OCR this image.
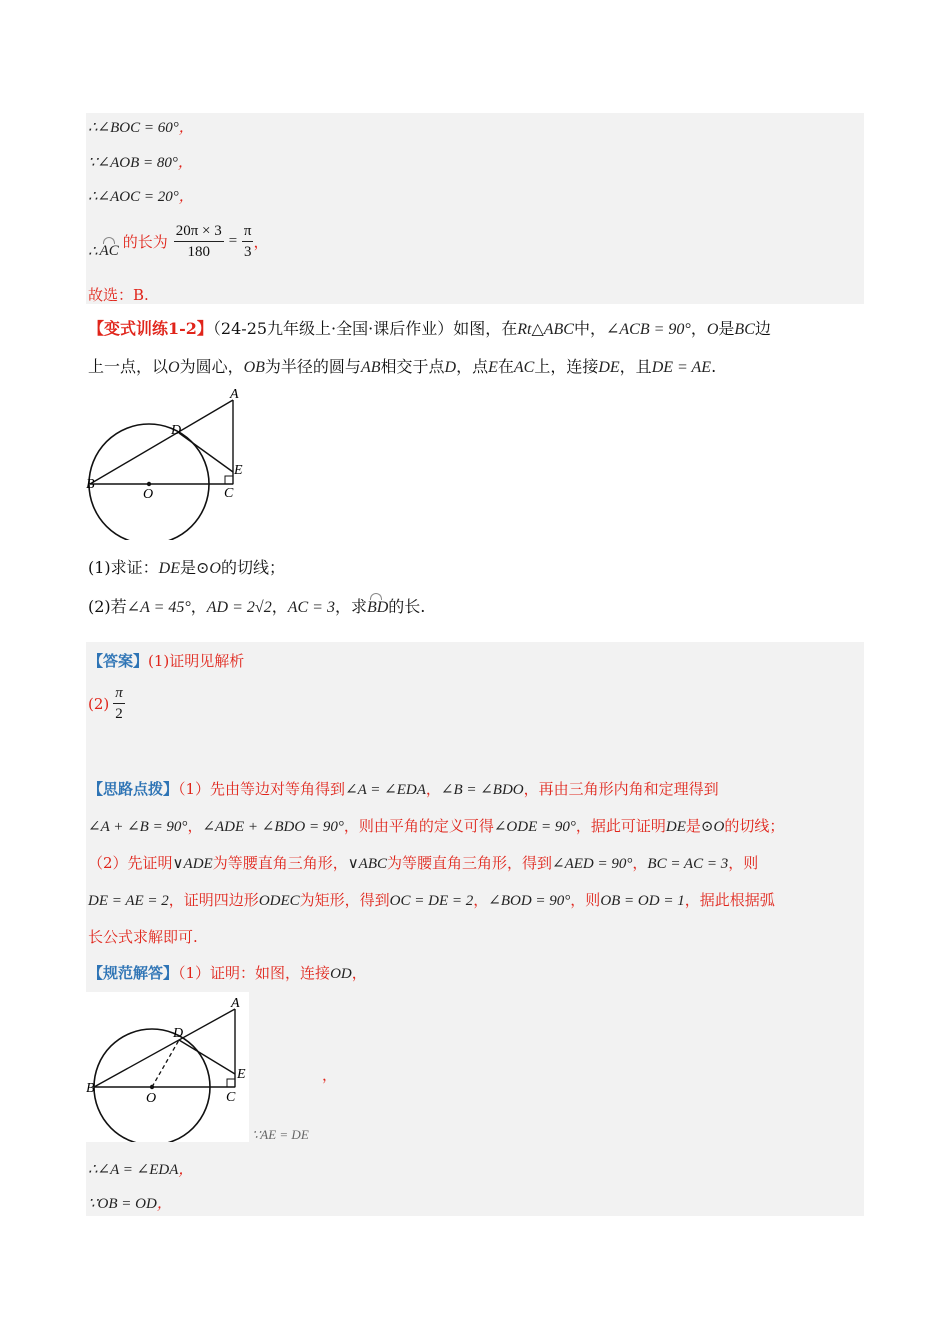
∴∠BOC = 60°，
∵∠AOB = 80°，
∴∠AOC = 20°，
∴ AC 的长为 $\frac{20\pi \times 3}{180} = \frac{\pi}{3}$ ，
故选：B.
【变式训练1-2】（24-25九年级上·全国·课后作业）如图，在Rt△ABC中，∠ACB = 90°，O是BC边
上一点，以O为圆心，OB为半径的圆与AB相交于点D，点E在AC上，连接DE，且DE = AE.
A
B
C
D
E
O
(1)求证：DE是⊙O的切线；
(2)若∠A = 45°，AD = 2√2，AC = 3，求BD的长.
【答案】(1)证明见解析
$(2) \frac{\pi}{2}$
【思路点拨】（1）先由等边对等角得到∠A = ∠EDA，∠B = ∠BDO，再由三角形内角和定理得到
∠A + ∠B = 90°，∠ADE + ∠BDO = 90°，则由平角的定义可得∠ODE = 90°，据此可证明DE是⊙O的切线；
（2）先证明∨ADE为等腰直角三角形，∨ABC为等腰直角三角形，得到∠AED = 90°，BC = AC = 3，则
DE = AE = 2，证明四边形ODEC为矩形，得到OC = DE = 2，∠BOD = 90°，则OB = OD = 1，据此根据弧
长公式求解即可.
【规范解答】（1）证明：如图，连接OD，
A
B
C
D
E
O
，
∵AE = DE
∴∠A = ∠EDA，
∵OB = OD，
